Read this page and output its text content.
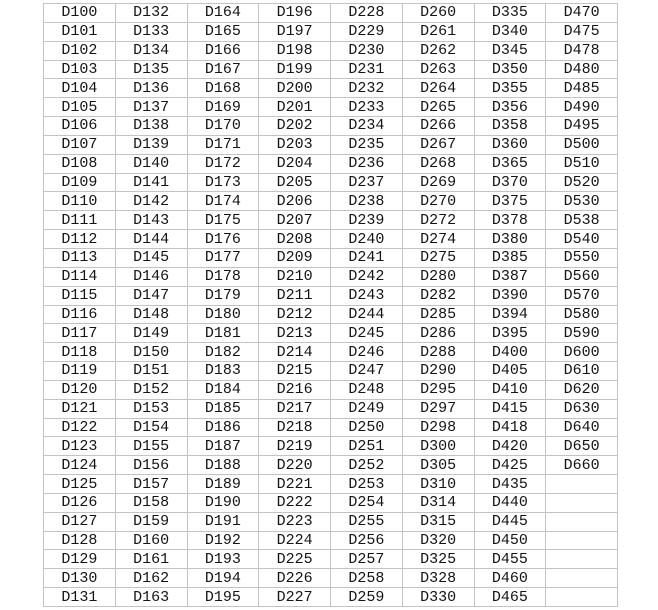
D100	D132	D164	D196	D228	D260	D335	D470
D101	D133	D165	D197	D229	D261	D340	D475
D102	D134	D166	D198	D230	D262	D345	D478
D103	D135	D167	D199	D231	D263	D350	D480
D104	D136	D168	D200	D232	D264	D355	D485
D105	D137	D169	D201	D233	D265	D356	D490
D106	D138	D170	D202	D234	D266	D358	D495
D107	D139	D171	D203	D235	D267	D360	D500
D108	D140	D172	D204	D236	D268	D365	D510
D109	D141	D173	D205	D237	D269	D370	D520
D110	D142	D174	D206	D238	D270	D375	D530
D111	D143	D175	D207	D239	D272	D378	D538
D112	D144	D176	D208	D240	D274	D380	D540
D113	D145	D177	D209	D241	D275	D385	D550
D114	D146	D178	D210	D242	D280	D387	D560
D115	D147	D179	D211	D243	D282	D390	D570
D116	D148	D180	D212	D244	D285	D394	D580
D117	D149	D181	D213	D245	D286	D395	D590
D118	D150	D182	D214	D246	D288	D400	D600
D119	D151	D183	D215	D247	D290	D405	D610
D120	D152	D184	D216	D248	D295	D410	D620
D121	D153	D185	D217	D249	D297	D415	D630
D122	D154	D186	D218	D250	D298	D418	D640
D123	D155	D187	D219	D251	D300	D420	D650
D124	D156	D188	D220	D252	D305	D425	D660
D125	D157	D189	D221	D253	D310	D435	
D126	D158	D190	D222	D254	D314	D440	
D127	D159	D191	D223	D255	D315	D445	
D128	D160	D192	D224	D256	D320	D450	
D129	D161	D193	D225	D257	D325	D455	
D130	D162	D194	D226	D258	D328	D460	
D131	D163	D195	D227	D259	D330	D465	
